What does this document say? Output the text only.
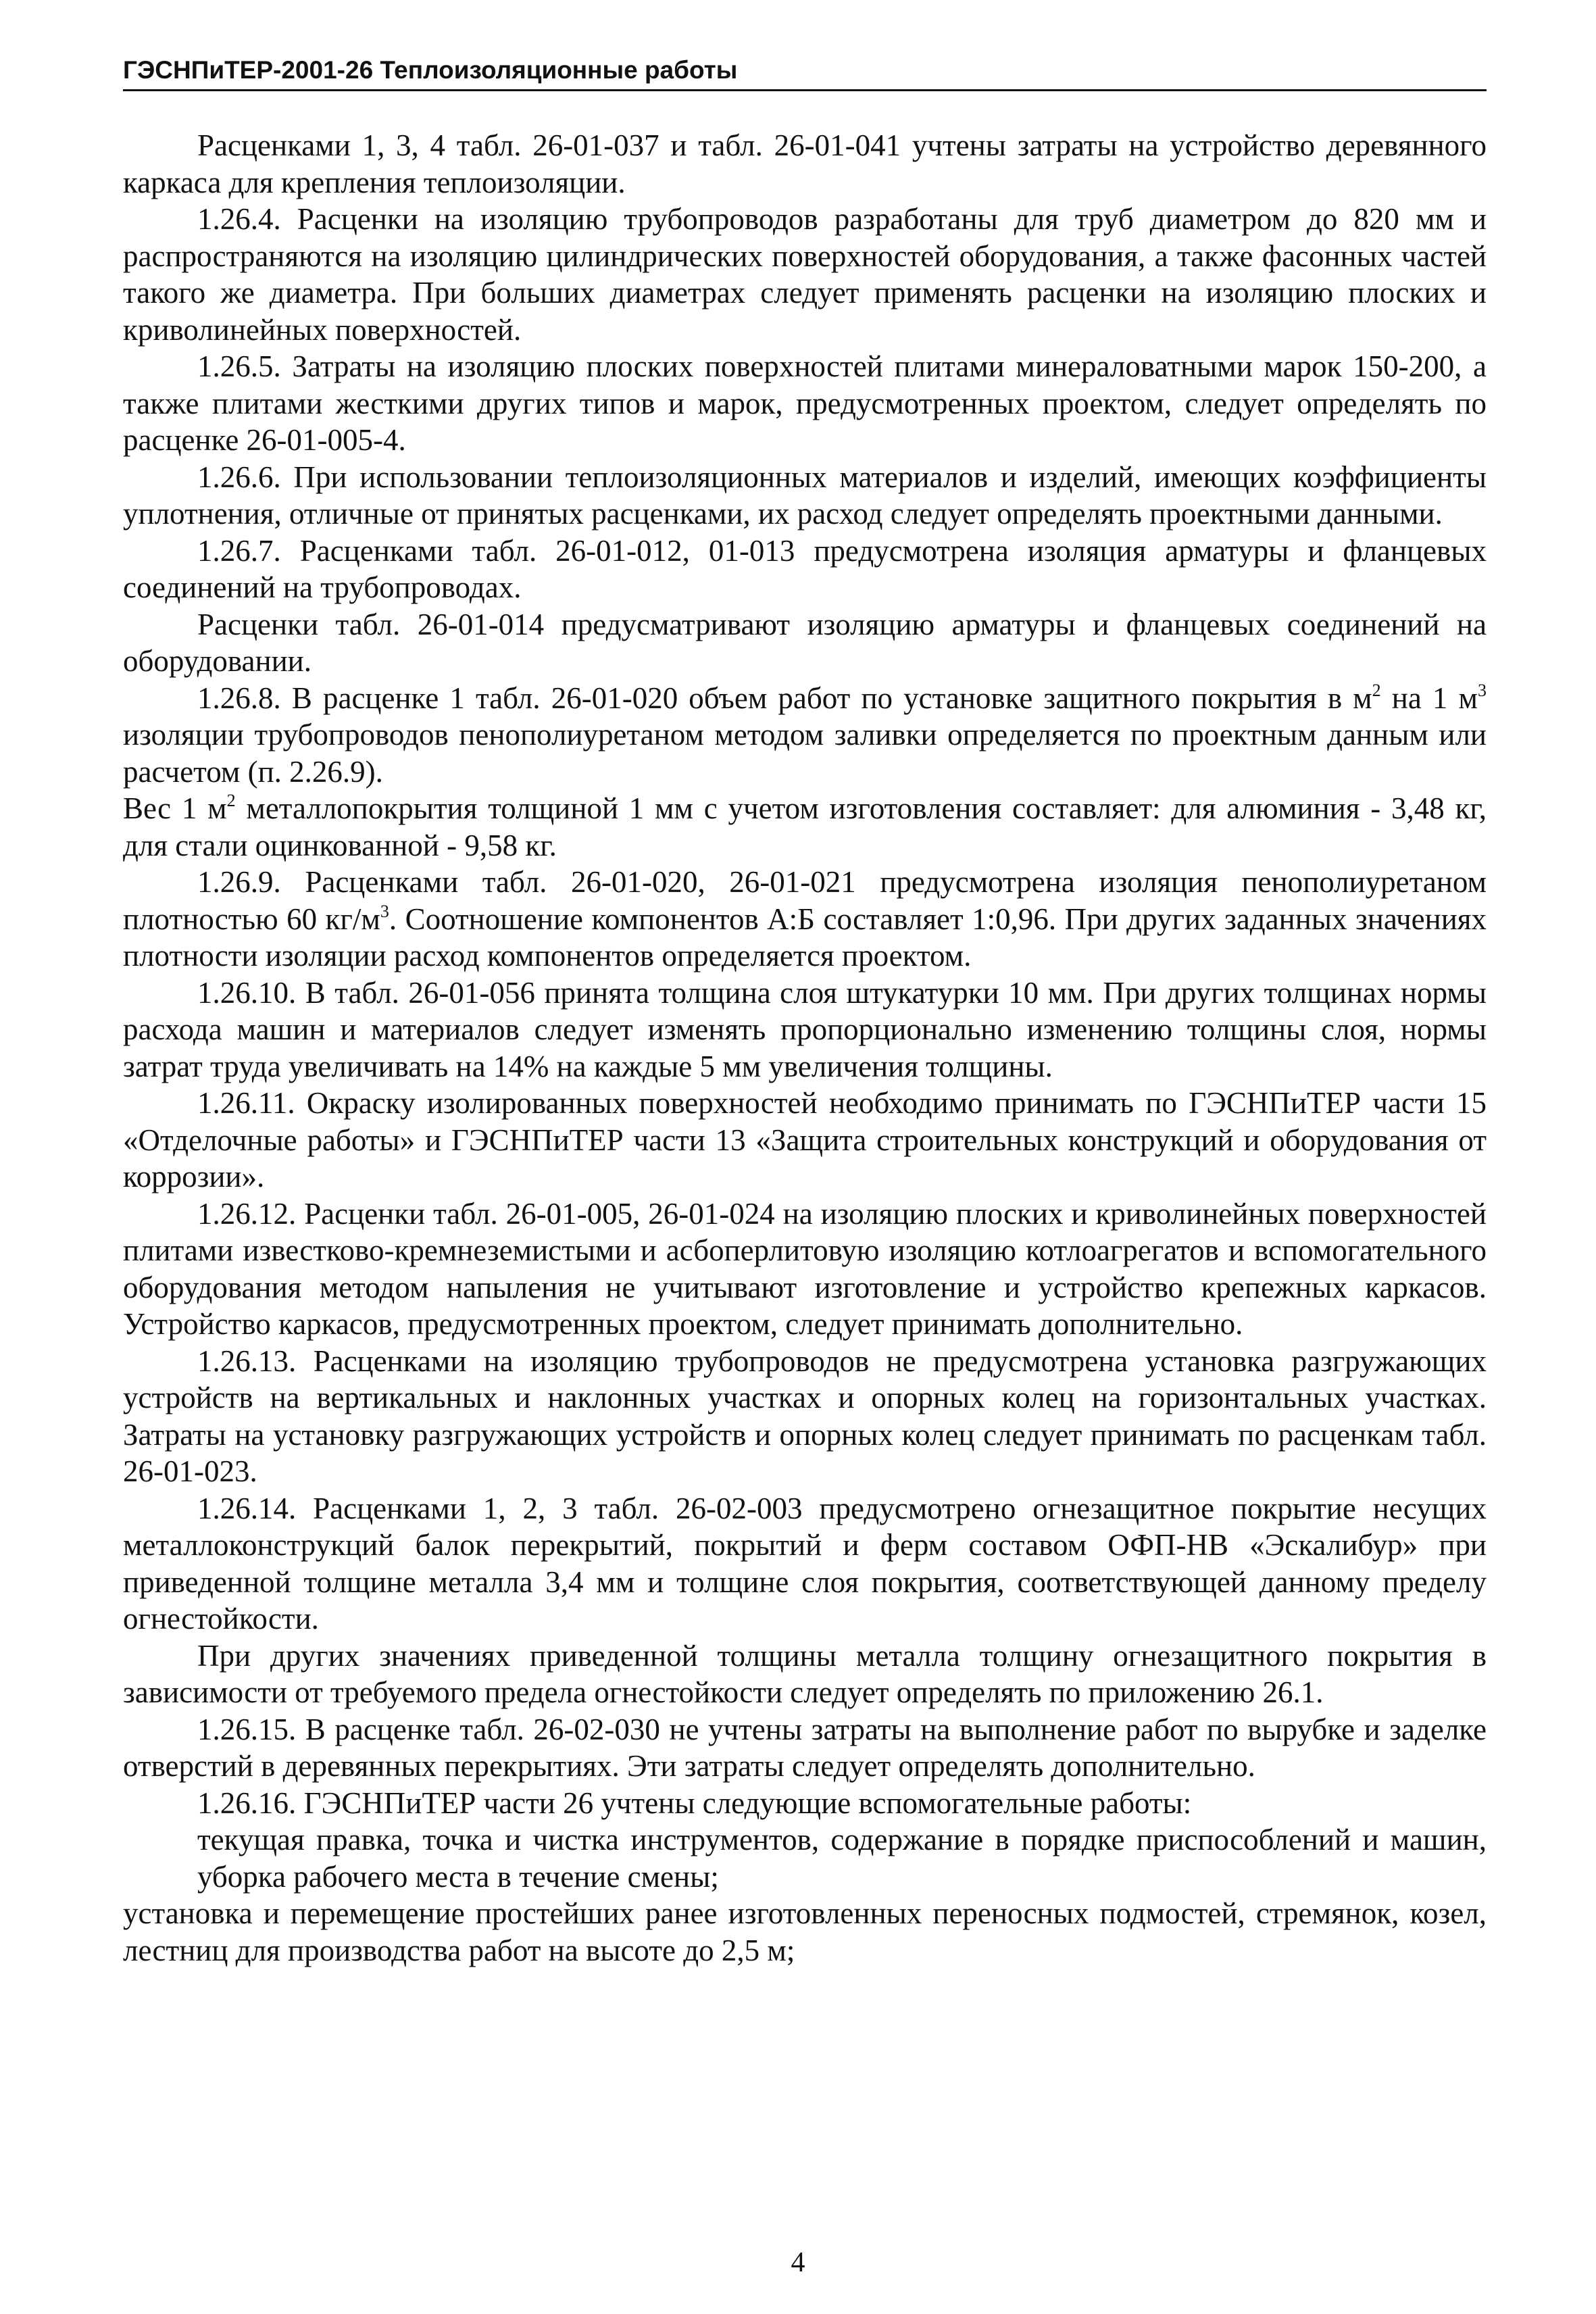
ГЭСНПиТЕР-2001-26 Теплоизоляционные работы

Расценками 1, 3, 4 табл. 26-01-037 и табл. 26-01-041 учтены затраты на устройство деревянного каркаса для крепления теплоизоляции.

1.26.4. Расценки на изоляцию трубопроводов разработаны для труб диаметром до 820 мм и распространяются на изоляцию цилиндрических поверхностей оборудования, а также фасонных частей такого же диаметра. При больших диаметрах следует применять расценки на изоляцию плоских и криволинейных поверхностей.

1.26.5. Затраты на изоляцию плоских поверхностей плитами минераловатными марок 150-200, а также плитами жесткими других типов и марок, предусмотренных проектом, следует определять по расценке 26-01-005-4.

1.26.6. При использовании теплоизоляционных материалов и изделий, имеющих коэффициенты уплотнения, отличные от принятых расценками, их расход следует определять проектными данными.

1.26.7. Расценками табл. 26-01-012, 01-013 предусмотрена изоляция арматуры и фланцевых соединений на трубопроводах.

Расценки табл. 26-01-014 предусматривают изоляцию арматуры и фланцевых соединений на оборудовании.

1.26.8. В расценке 1 табл. 26-01-020 объем работ по установке защитного покрытия в $м^2$ на 1 $м^3$ изоляции трубопроводов пенополиуретаном методом заливки определяется по проектным данным или расчетом (п. 2.26.9).

Вес 1 $м^2$ металлопокрытия толщиной 1 мм с учетом изготовления составляет: для алюминия - 3,48 кг, для стали оцинкованной - 9,58 кг.

1.26.9. Расценками табл. 26-01-020, 26-01-021 предусмотрена изоляция пенополиуретаном плотностью 60 $кг/м^3$. Соотношение компонентов А:Б составляет 1:0,96. При других заданных значениях плотности изоляции расход компонентов определяется проектом.

1.26.10. В табл. 26-01-056 принята толщина слоя штукатурки 10 мм. При других толщинах нормы расхода машин и материалов следует изменять пропорционально изменению толщины слоя, нормы затрат труда увеличивать на 14% на каждые 5 мм увеличения толщины.

1.26.11. Окраску изолированных поверхностей необходимо принимать по ГЭСНПиТЕР части 15 «Отделочные работы» и ГЭСНПиТЕР части 13 «Защита строительных конструкций и оборудования от коррозии».

1.26.12. Расценки табл. 26-01-005, 26-01-024 на изоляцию плоских и криволинейных поверхностей плитами известково-кремнеземистыми и асбоперлитовую изоляцию котлоагрегатов и вспомогательного оборудования методом напыления не учитывают изготовление и устройство крепежных каркасов. Устройство каркасов, предусмотренных проектом, следует принимать дополнительно.

1.26.13. Расценками на изоляцию трубопроводов не предусмотрена установка разгружающих устройств на вертикальных и наклонных участках и опорных колец на горизонтальных участках. Затраты на установку разгружающих устройств и опорных колец следует принимать по расценкам табл. 26-01-023.

1.26.14. Расценками 1, 2, 3 табл. 26-02-003 предусмотрено огнезащитное покрытие несущих металлоконструкций балок перекрытий, покрытий и ферм составом ОФП-НВ «Эскалибур» при приведенной толщине металла 3,4 мм и толщине слоя покрытия, соответствующей данному пределу огнестойкости.

При других значениях приведенной толщины металла толщину огнезащитного покрытия в зависимости от требуемого предела огнестойкости следует определять по приложению 26.1.

1.26.15. В расценке табл. 26-02-030 не учтены затраты на выполнение работ по вырубке и заделке отверстий в деревянных перекрытиях. Эти затраты следует определять дополнительно.

1.26.16. ГЭСНПиТЕР части 26 учтены следующие вспомогательные работы:

текущая правка, точка и чистка инструментов, содержание в порядке приспособлений и машин, уборка рабочего места в течение смены;

установка и перемещение простейших ранее изготовленных переносных подмостей, стремянок, козел, лестниц для производства работ на высоте до 2,5 м;

4
